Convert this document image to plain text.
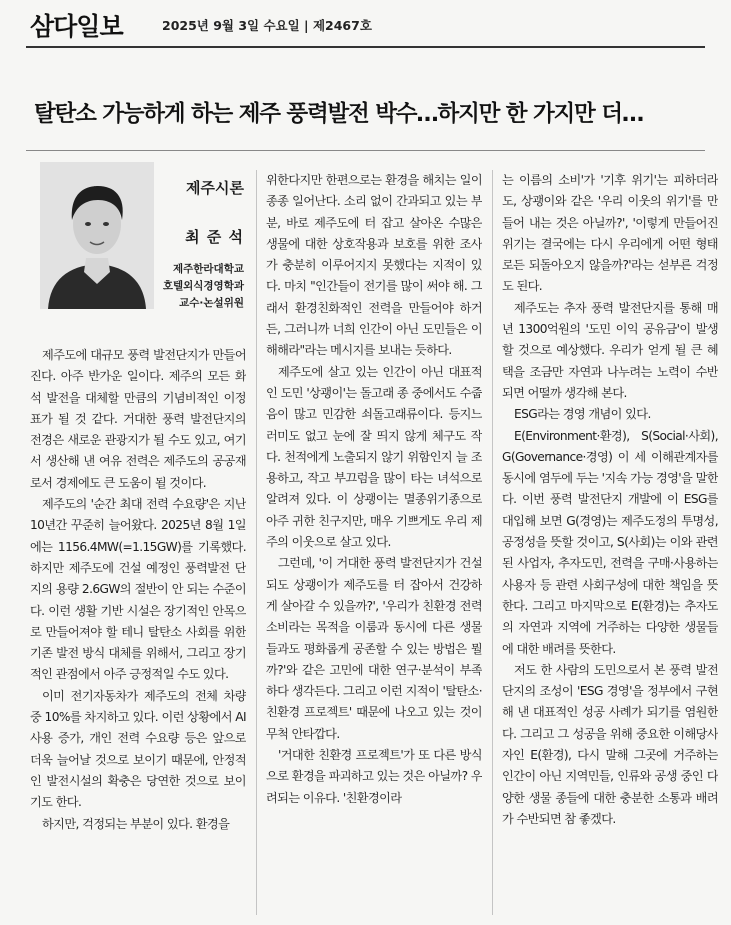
삼다일보	2025년 9월 3일 수요일 | 제2467호
탈탄소 가능하게 하는 제주 풍력발전 박수…하지만 한 가지만 더…
제주시론
최 준 석
제주한라대학교
호텔외식경영학과
교수·논설위원

제주도에 대규모 풍력 발전단지가 만들어진다. 아주 반가운 일이다. 제주의 모든 화석 발전을 대체할 만큼의 기념비적인 이정표가 될 것 같다. 거대한 풍력 발전단지의 전경은 새로운 관광지가 될 수도 있고, 여기서 생산해 낸 여유 전력은 제주도의 공공재로서 경제에도 큰 도움이 될 것이다.

제주도의 '순간 최대 전력 수요량'은 지난 10년간 꾸준히 늘어왔다. 2025년 8월 1일에는 1156.4MW(=1.15GW)를 기록했다. 하지만 제주도에 건설 예정인 풍력발전 단지의 용량 2.6GW의 절반이 안 되는 수준이다. 이런 생활 기반 시설은 장기적인 안목으로 만들어져야 할 테니 탈탄소 사회를 위한 기존 발전 방식 대체를 위해서, 그리고 장기적인 관점에서 아주 긍정적일 수도 있다.

이미 전기자동차가 제주도의 전체 차량 중 10%를 차지하고 있다. 이런 상황에서 AI 사용 증가, 개인 전력 수요량 등은 앞으로 더욱 늘어날 것으로 보이기 때문에, 안정적인 발전시설의 확충은 당연한 것으로 보이기도 한다.

하지만, 걱정되는 부분이 있다. 환경을

위한다지만 한편으로는 환경을 해치는 일이 종종 일어난다. 소리 없이 간과되고 있는 부분, 바로 제주도에 터 잡고 살아온 수많은 생물에 대한 상호작용과 보호를 위한 조사가 충분히 이루어지지 못했다는 지적이 있다. 마치 "인간들이 전기를 많이 써야 해. 그래서 환경친화적인 전력을 만들어야 하거든, 그러니까 너희 인간이 아닌 도민들은 이해해라"라는 메시지를 보내는 듯하다.

제주도에 살고 있는 인간이 아닌 대표적인 도민 '상괭이'는 돌고래 종 중에서도 수줍음이 많고 민감한 쇠돌고래류이다. 등지느러미도 없고 눈에 잘 띄지 않게 체구도 작다. 천적에게 노출되지 않기 위함인지 늘 조용하고, 작고 부끄럼을 많이 타는 녀석으로 알려져 있다. 이 상괭이는 멸종위기종으로 아주 귀한 친구지만, 매우 기쁘게도 우리 제주의 이웃으로 살고 있다.

그런데, '이 거대한 풍력 발전단지가 건설되도 상괭이가 제주도를 터 잡아서 건강하게 살아갈 수 있을까?', '우리가 친환경 전력 소비라는 목적을 이룸과 동시에 다른 생물들과도 평화롭게 공존할 수 있는 방법은 뭘까?'와 같은 고민에 대한 연구·분석이 부족하다 생각든다. 그리고 이런 지적이 '탈탄소·친환경 프로젝트' 때문에 나오고 있는 것이 무척 안타깝다.

'거대한 친환경 프로젝트'가 또 다른 방식으로 환경을 파괴하고 있는 것은 아닐까? 우려되는 이유다. '친환경이라

는 이름의 소비'가 '기후 위기'는 피하더라도, 상괭이와 같은 '우리 이웃의 위기'를 만들어 내는 것은 아닐까?', '이렇게 만들어진 위기는 결국에는 다시 우리에게 어떤 형태로든 되돌아오지 않을까?'라는 섣부른 걱정도 된다.

제주도는 추자 풍력 발전단지를 통해 매년 1300억원의 '도민 이익 공유금'이 발생할 것으로 예상했다. 우리가 얻게 될 큰 혜택을 조금만 자연과 나누려는 노력이 수반되면 어떨까 생각해 본다.

ESG라는 경영 개념이 있다.

E(Environment·환경), S(Social·사회), G(Governance·경영) 이 세 이해관계자를 동시에 염두에 두는 '지속 가능 경영'을 말한다. 이번 풍력 발전단지 개발에 이 ESG를 대입해 보면 G(경영)는 제주도정의 투명성, 공정성을 뜻할 것이고, S(사회)는 이와 관련된 사업자, 추자도민, 전력을 구매·사용하는 사용자 등 관련 사회구성에 대한 책임을 뜻한다. 그리고 마지막으로 E(환경)는 추자도의 자연과 지역에 거주하는 다양한 생물들에 대한 배려를 뜻한다.

저도 한 사람의 도민으로서 본 풍력 발전단지의 조성이 'ESG 경영'을 정부에서 구현해 낸 대표적인 성공 사례가 되기를 염원한다. 그리고 그 성공을 위해 중요한 이해당사자인 E(환경), 다시 말해 그곳에 거주하는 인간이 아닌 지역민들, 인류와 공생 중인 다양한 생물 종들에 대한 충분한 소통과 배려가 수반되면 참 좋겠다.
